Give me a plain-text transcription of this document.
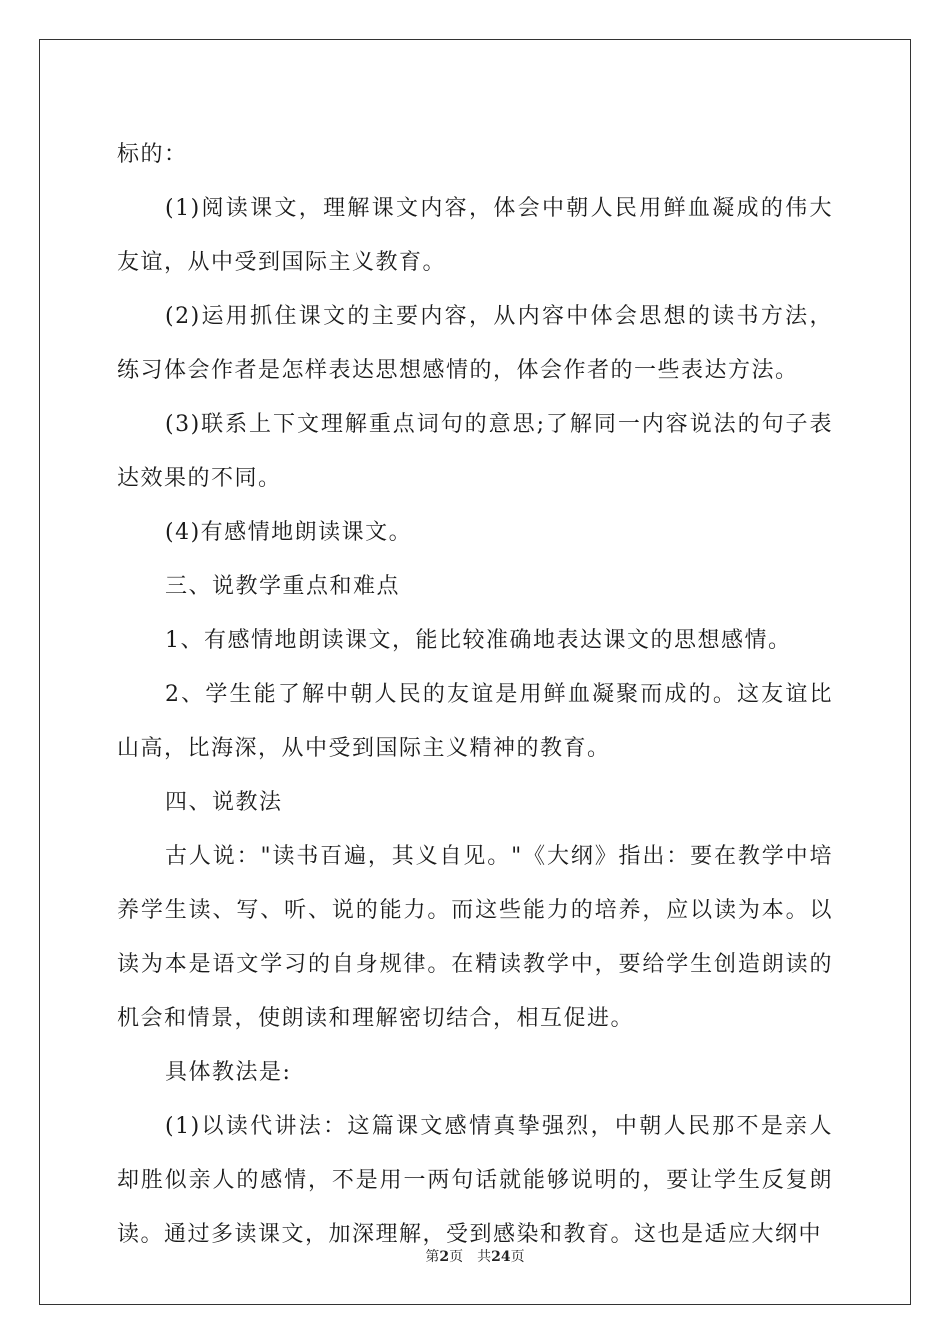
标的：

(1)阅读课文，理解课文内容，体会中朝人民用鲜血凝成的伟大友谊，从中受到国际主义教育。

(2)运用抓住课文的主要内容，从内容中体会思想的读书方法，练习体会作者是怎样表达思想感情的，体会作者的一些表达方法。

(3)联系上下文理解重点词句的意思;了解同一内容说法的句子表达效果的不同。

(4)有感情地朗读课文。

三、说教学重点和难点

1、有感情地朗读课文，能比较准确地表达课文的思想感情。

2、学生能了解中朝人民的友谊是用鲜血凝聚而成的。这友谊比山高，比海深，从中受到国际主义精神的教育。

四、说教法

古人说："读书百遍，其义自见。"《大纲》指出：要在教学中培养学生读、写、听、说的能力。而这些能力的培养，应以读为本。以读为本是语文学习的自身规律。在精读教学中，要给学生创造朗读的机会和情景，使朗读和理解密切结合，相互促进。

具体教法是:

(1)以读代讲法：这篇课文感情真挚强烈，中朝人民那不是亲人却胜似亲人的感情，不是用一两句话就能够说明的，要让学生反复朗读。通过多读课文，加深理解，受到感染和教育。这也是适应大纲中

第2页 共24页
